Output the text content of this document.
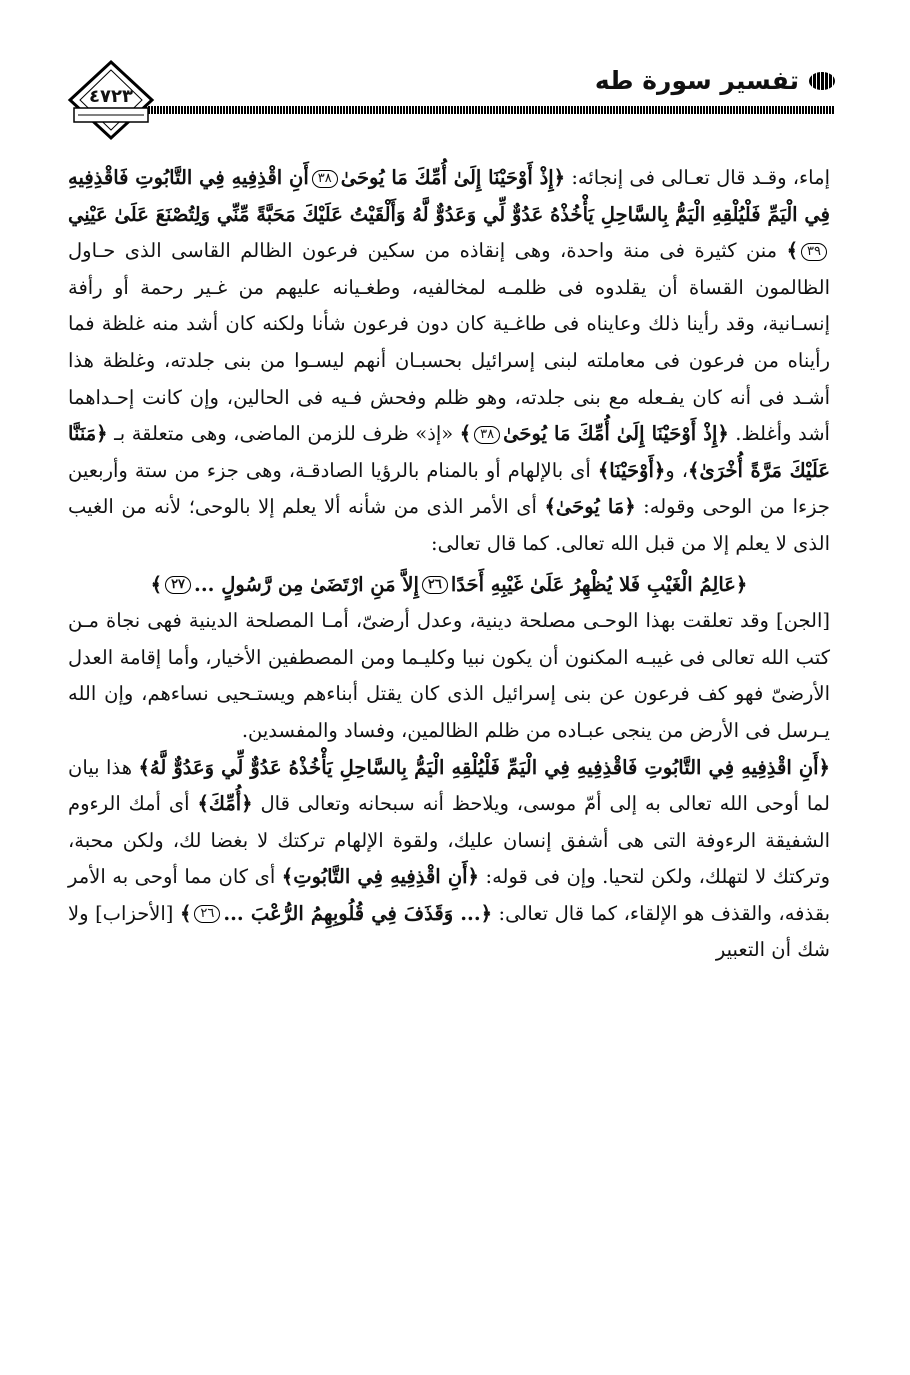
تفسير سورة طه
٤٧٢٣

إماء، وقـد قال تعـالى فى إنجائه: ﴿إِذْ أَوْحَيْنَا إِلَىٰ أُمِّكَ مَا يُوحَىٰ٣٨أَنِ اقْذِفِيهِ فِي التَّابُوتِ فَاقْذِفِيهِ فِي الْيَمِّ فَلْيُلْقِهِ الْيَمُّ بِالسَّاحِلِ يَأْخُذْهُ عَدُوٌّ لِّي وَعَدُوٌّ لَّهُ وَأَلْقَيْتُ عَلَيْكَ مَحَبَّةً مِّنِّي وَلِتُصْنَعَ عَلَىٰ عَيْنِي٣٩﴾ منن كثيرة فى منة واحدة، وهى إنقاذه من سكين فرعون الظالم القاسى الذى حـاول الظالمون القساة أن يقلدوه فى ظلمـه لمخالفيه، وطغـيانه عليهم من غـير رحمة أو رأفة إنسـانية، وقد رأينا ذلك وعايناه فى طاغـية كان دون فرعون شأنا ولكنه كان أشد منه غلظة فما رأيناه من فرعون فى معاملته لبنى إسرائيل بحسبـان أنهم ليسـوا من بنى جلدته، وغلظة هذا أشـد فى أنه كان يفـعله مع بنى جلدته، وهو ظلم وفحش فـيه فى الحالين، وإن كانت إحـداهما أشد وأغلظ. ﴿إِذْ أَوْحَيْنَا إِلَىٰ أُمِّكَ مَا يُوحَىٰ٣٨﴾ «إذ» ظرف للزمن الماضى، وهى متعلقة بـ ﴿مَنَنَّا عَلَيْكَ مَرَّةً أُخْرَىٰ﴾، و﴿أَوْحَيْنَا﴾ أى بالإلهام أو بالمنام بالرؤيا الصادقـة، وهى جزء من ستة وأربعين جزءا من الوحى وقوله: ﴿مَا يُوحَىٰ﴾ أى الأمر الذى من شأنه ألا يعلم إلا بالوحى؛ لأنه من الغيب الذى لا يعلم إلا من قبل الله تعالى. كما قال تعالى:

﴿عَالِمُ الْغَيْبِ فَلا يُظْهِرُ عَلَىٰ غَيْبِهِ أَحَدًا٢٦إِلاَّ مَنِ ارْتَضَىٰ مِن رَّسُولٍ ...٢٧﴾

[الجن] وقد تعلقت بهذا الوحـى مصلحة دينية، وعدل أرضىّ، أمـا المصلحة الدينية فهى نجاة مـن كتب الله تعالى فى غيبـه المكنون أن يكون نبيا وكليـما ومن المصطفين الأخيار، وأما إقامة العدل الأرضىّ فهو كف فرعون عن بنى إسرائيل الذى كان يقتل أبناءهم ويستـحيى نساءهم، وإن الله يـرسل فى الأرض من ينجى عبـاده من ظلم الظالمين، وفساد والمفسدين.

﴿أَنِ اقْذِفِيهِ فِي التَّابُوتِ فَاقْذِفِيهِ فِي الْيَمِّ فَلْيُلْقِهِ الْيَمُّ بِالسَّاحِلِ يَأْخُذْهُ عَدُوٌّ لِّي وَعَدُوٌّ لَّهُ﴾ هذا بيان لما أوحى الله تعالى به إلى أمّ موسى، ويلاحظ أنه سبحانه وتعالى قال ﴿أُمِّكَ﴾ أى أمك الرءوم الشفيقة الرءوفة التى هى أشفق إنسان عليك، ولقوة الإلهام تركتك لا بغضا لك، ولكن محبة، وتركتك لا لتهلك، ولكن لتحيا. وإن فى قوله: ﴿أَنِ اقْذِفِيهِ فِي التَّابُوتِ﴾ أى كان مما أوحى به الأمر بقذفه، والقذف هو الإلقاء، كما قال تعالى: ﴿... وَقَذَفَ فِي قُلُوبِهِمُ الرُّعْبَ ...٢٦﴾ [الأحزاب] ولا شك أن التعبير
